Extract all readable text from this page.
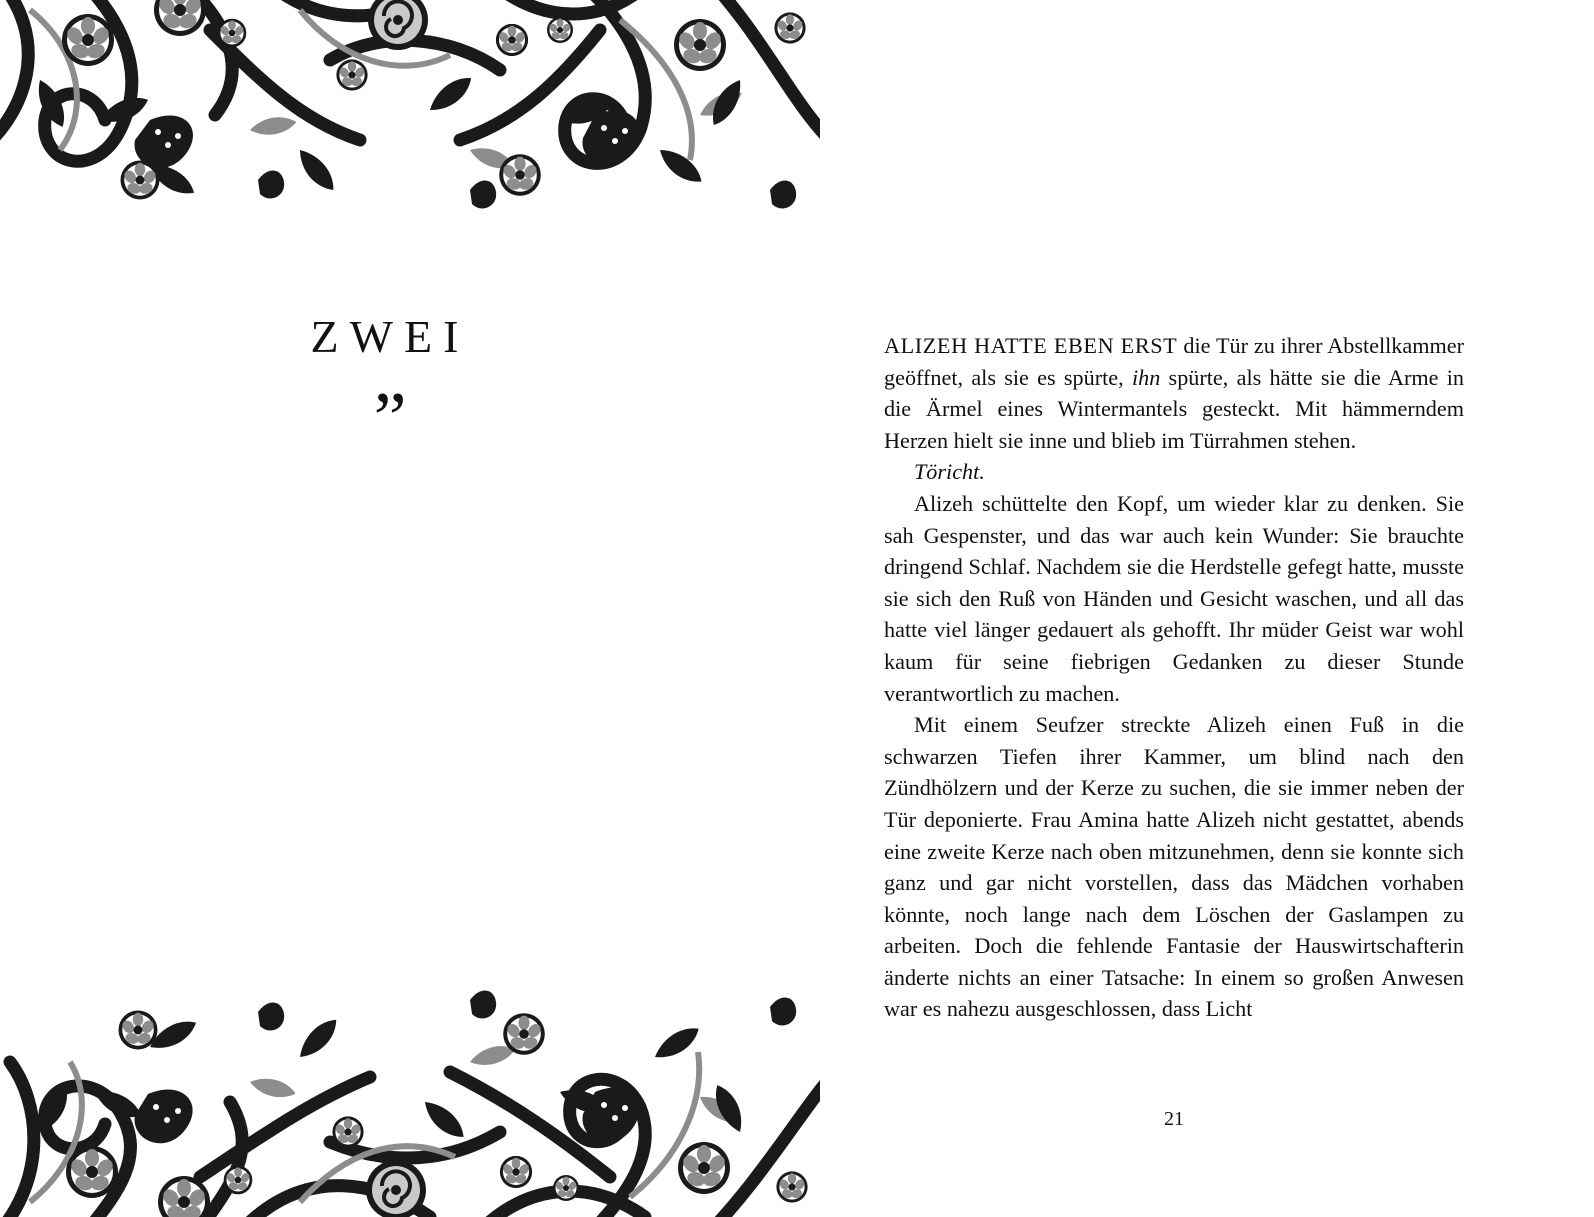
ZWEI
”

ALIZEH HATTE EBEN ERST die Tür zu ihrer Abstellkammer geöffnet, als sie es spürte, ihn spürte, als hätte sie die Arme in die Ärmel eines Wintermantels gesteckt. Mit hämmerndem Herzen hielt sie inne und blieb im Türrahmen stehen.

Töricht.

Alizeh schüttelte den Kopf, um wieder klar zu denken. Sie sah Gespenster, und das war auch kein Wunder: Sie brauchte dringend Schlaf. Nachdem sie die Herdstelle gefegt hatte, musste sie sich den Ruß von Händen und Gesicht waschen, und all das hatte viel länger gedauert als gehofft. Ihr müder Geist war wohl kaum für seine fiebrigen Gedanken zu dieser Stunde verantwortlich zu machen.

Mit einem Seufzer streckte Alizeh einen Fuß in die schwarzen Tiefen ihrer Kammer, um blind nach den Zündhölzern und der Kerze zu suchen, die sie immer neben der Tür deponierte. Frau Amina hatte Alizeh nicht gestattet, abends eine zweite Kerze nach oben mitzunehmen, denn sie konnte sich ganz und gar nicht vorstellen, dass das Mädchen vorhaben könnte, noch lange nach dem Löschen der Gaslampen zu arbeiten. Doch die fehlende Fantasie der Hauswirtschafterin änderte nichts an einer Tatsache: In einem so großen Anwesen war es nahezu ausgeschlossen, dass Licht

21
